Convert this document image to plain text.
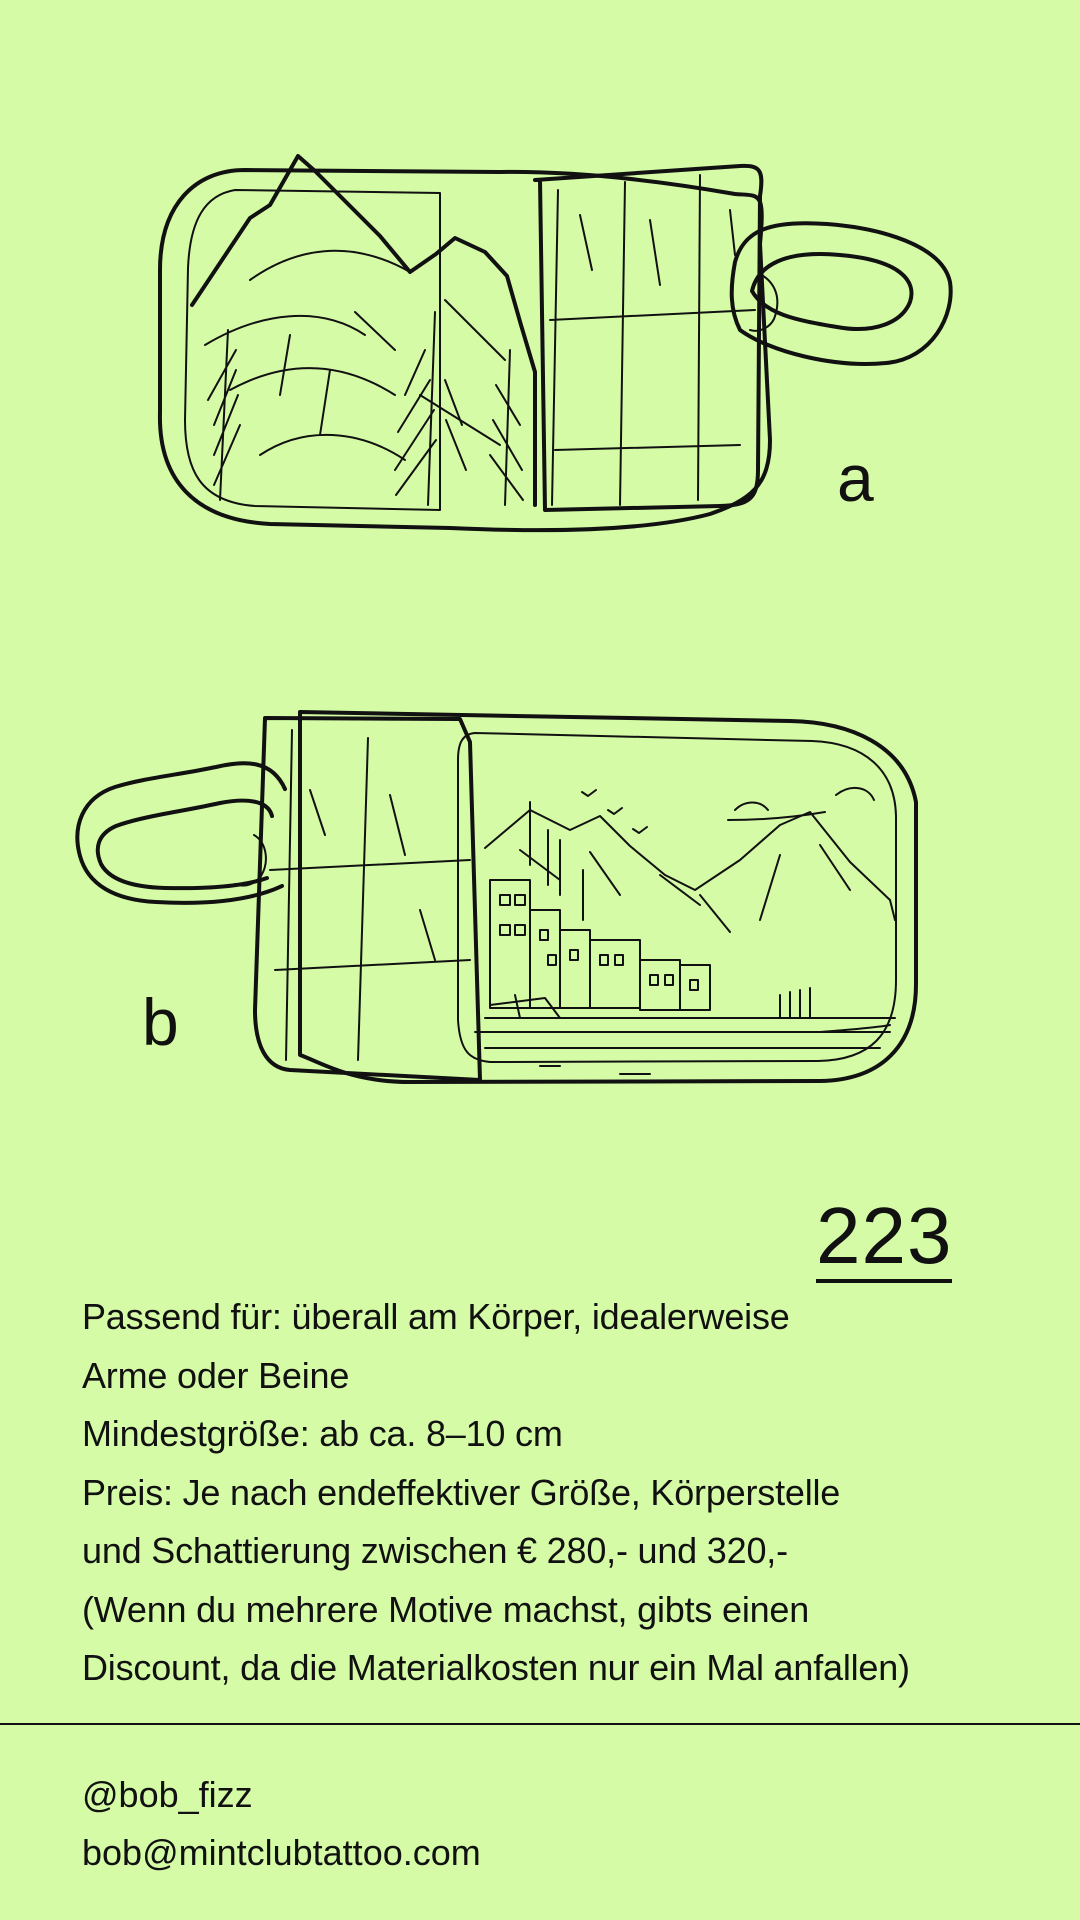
a
b
223
Passend für: überall am Körper, idealerweise
Arme oder Beine
Mindestgröße: ab ca. 8–10 cm
Preis: Je nach endeffektiver Größe, Körperstelle
und Schattierung zwischen € 280,- und 320,-
(Wenn du mehrere Motive machst, gibts einen
Discount, da die Materialkosten nur ein Mal anfallen)
@bob_fizz
bob@mintclubtattoo.com
